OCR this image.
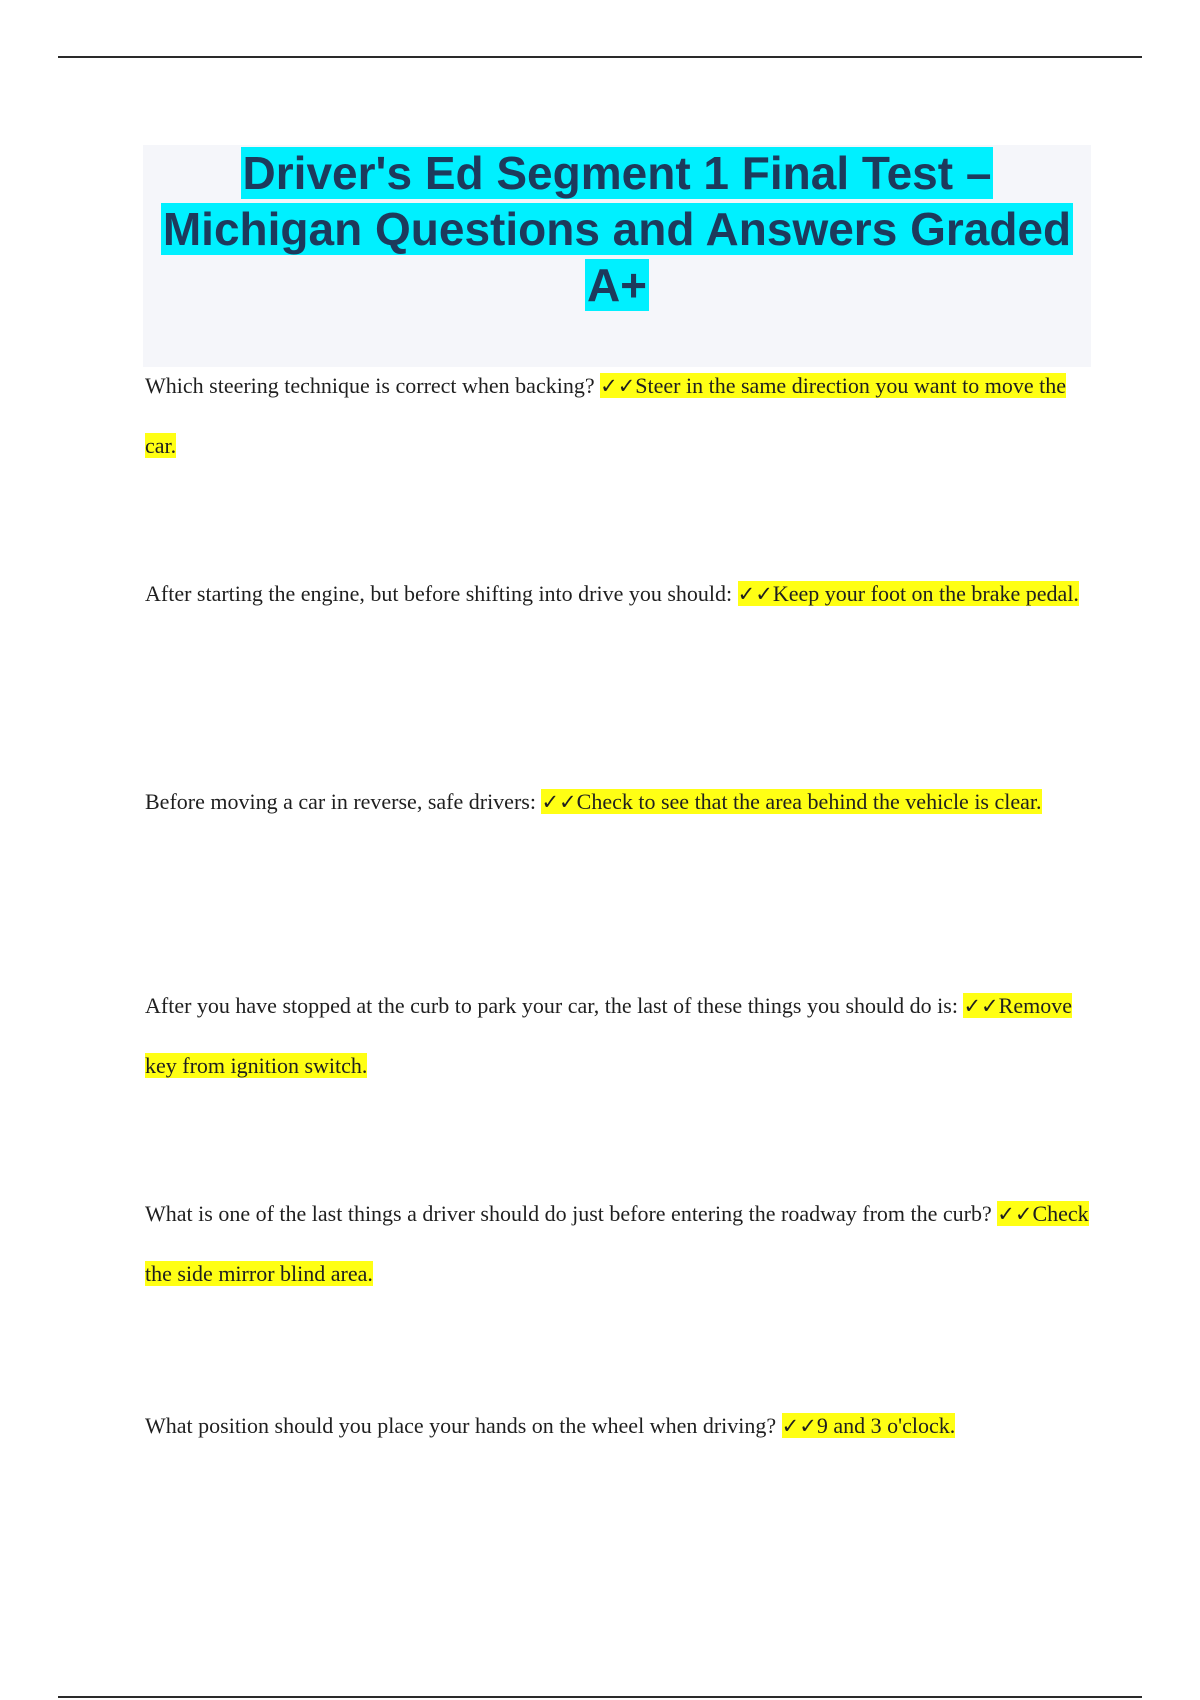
Driver's Ed Segment 1 Final Test – Michigan Questions and Answers Graded A+

Which steering technique is correct when backing? ✓✓Steer in the same direction you want to move the car.

After starting the engine, but before shifting into drive you should: ✓✓Keep your foot on the brake pedal.

Before moving a car in reverse, safe drivers: ✓✓Check to see that the area behind the vehicle is clear.

After you have stopped at the curb to park your car, the last of these things you should do is: ✓✓Remove key from ignition switch.

What is one of the last things a driver should do just before entering the roadway from the curb? ✓✓Check the side mirror blind area.

What position should you place your hands on the wheel when driving? ✓✓9 and 3 o'clock.
